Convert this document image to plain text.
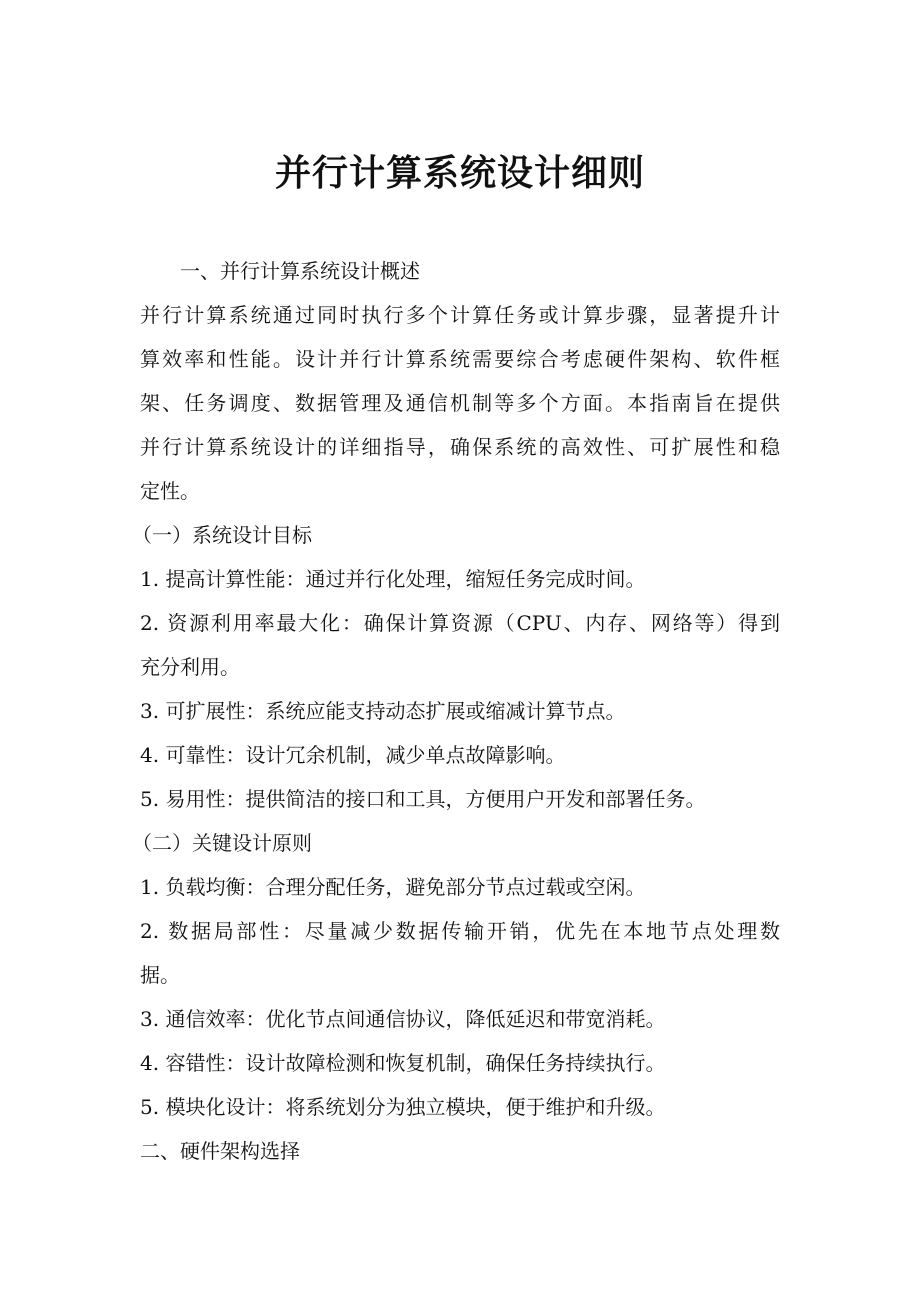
并行计算系统设计细则

一、并行计算系统设计概述

并行计算系统通过同时执行多个计算任务或计算步骤，显著提升计

算效率和性能。设计并行计算系统需要综合考虑硬件架构、软件框

架、任务调度、数据管理及通信机制等多个方面。本指南旨在提供

并行计算系统设计的详细指导，确保系统的高效性、可扩展性和稳

定性。

（一）系统设计目标

1. 提高计算性能：通过并行化处理，缩短任务完成时间。

2. 资源利用率最大化：确保计算资源（CPU、内存、网络等）得到

充分利用。

3. 可扩展性：系统应能支持动态扩展或缩减计算节点。

4. 可靠性：设计冗余机制，减少单点故障影响。

5. 易用性：提供简洁的接口和工具，方便用户开发和部署任务。

（二）关键设计原则

1. 负载均衡：合理分配任务，避免部分节点过载或空闲。

2. 数据局部性：尽量减少数据传输开销，优先在本地节点处理数

据。

3. 通信效率：优化节点间通信协议，降低延迟和带宽消耗。

4. 容错性：设计故障检测和恢复机制，确保任务持续执行。

5. 模块化设计：将系统划分为独立模块，便于维护和升级。

二、硬件架构选择
